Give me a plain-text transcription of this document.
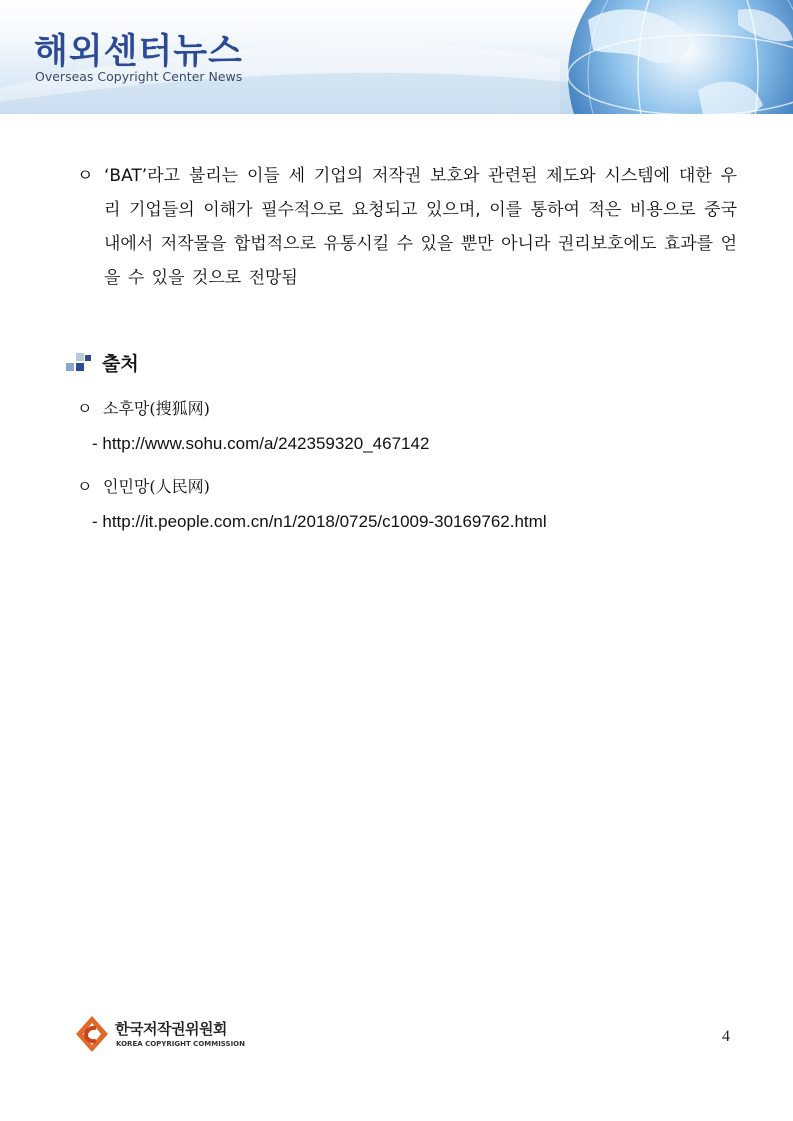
해외센터뉴스
Overseas Copyright Center News
ㅇ ‘BAT’라고 불리는 이들 세 기업의 저작권 보호와 관련된 제도와 시스템에 대한 우리 기업들의 이해가 필수적으로 요청되고 있으며, 이를 통하여 적은 비용으로 중국 내에서 저작물을 합법적으로 유통시킬 수 있을 뿐만 아니라 권리보호에도 효과를 얻을 수 있을 것으로 전망됨
출처
ㅇ 소후망(搜狐网)
- http://www.sohu.com/a/242359320_467142
ㅇ 인민망(人民网)
- http://it.people.com.cn/n1/2018/0725/c1009-30169762.html
한국저작권위원회
KOREA COPYRIGHT COMMISSION	4
